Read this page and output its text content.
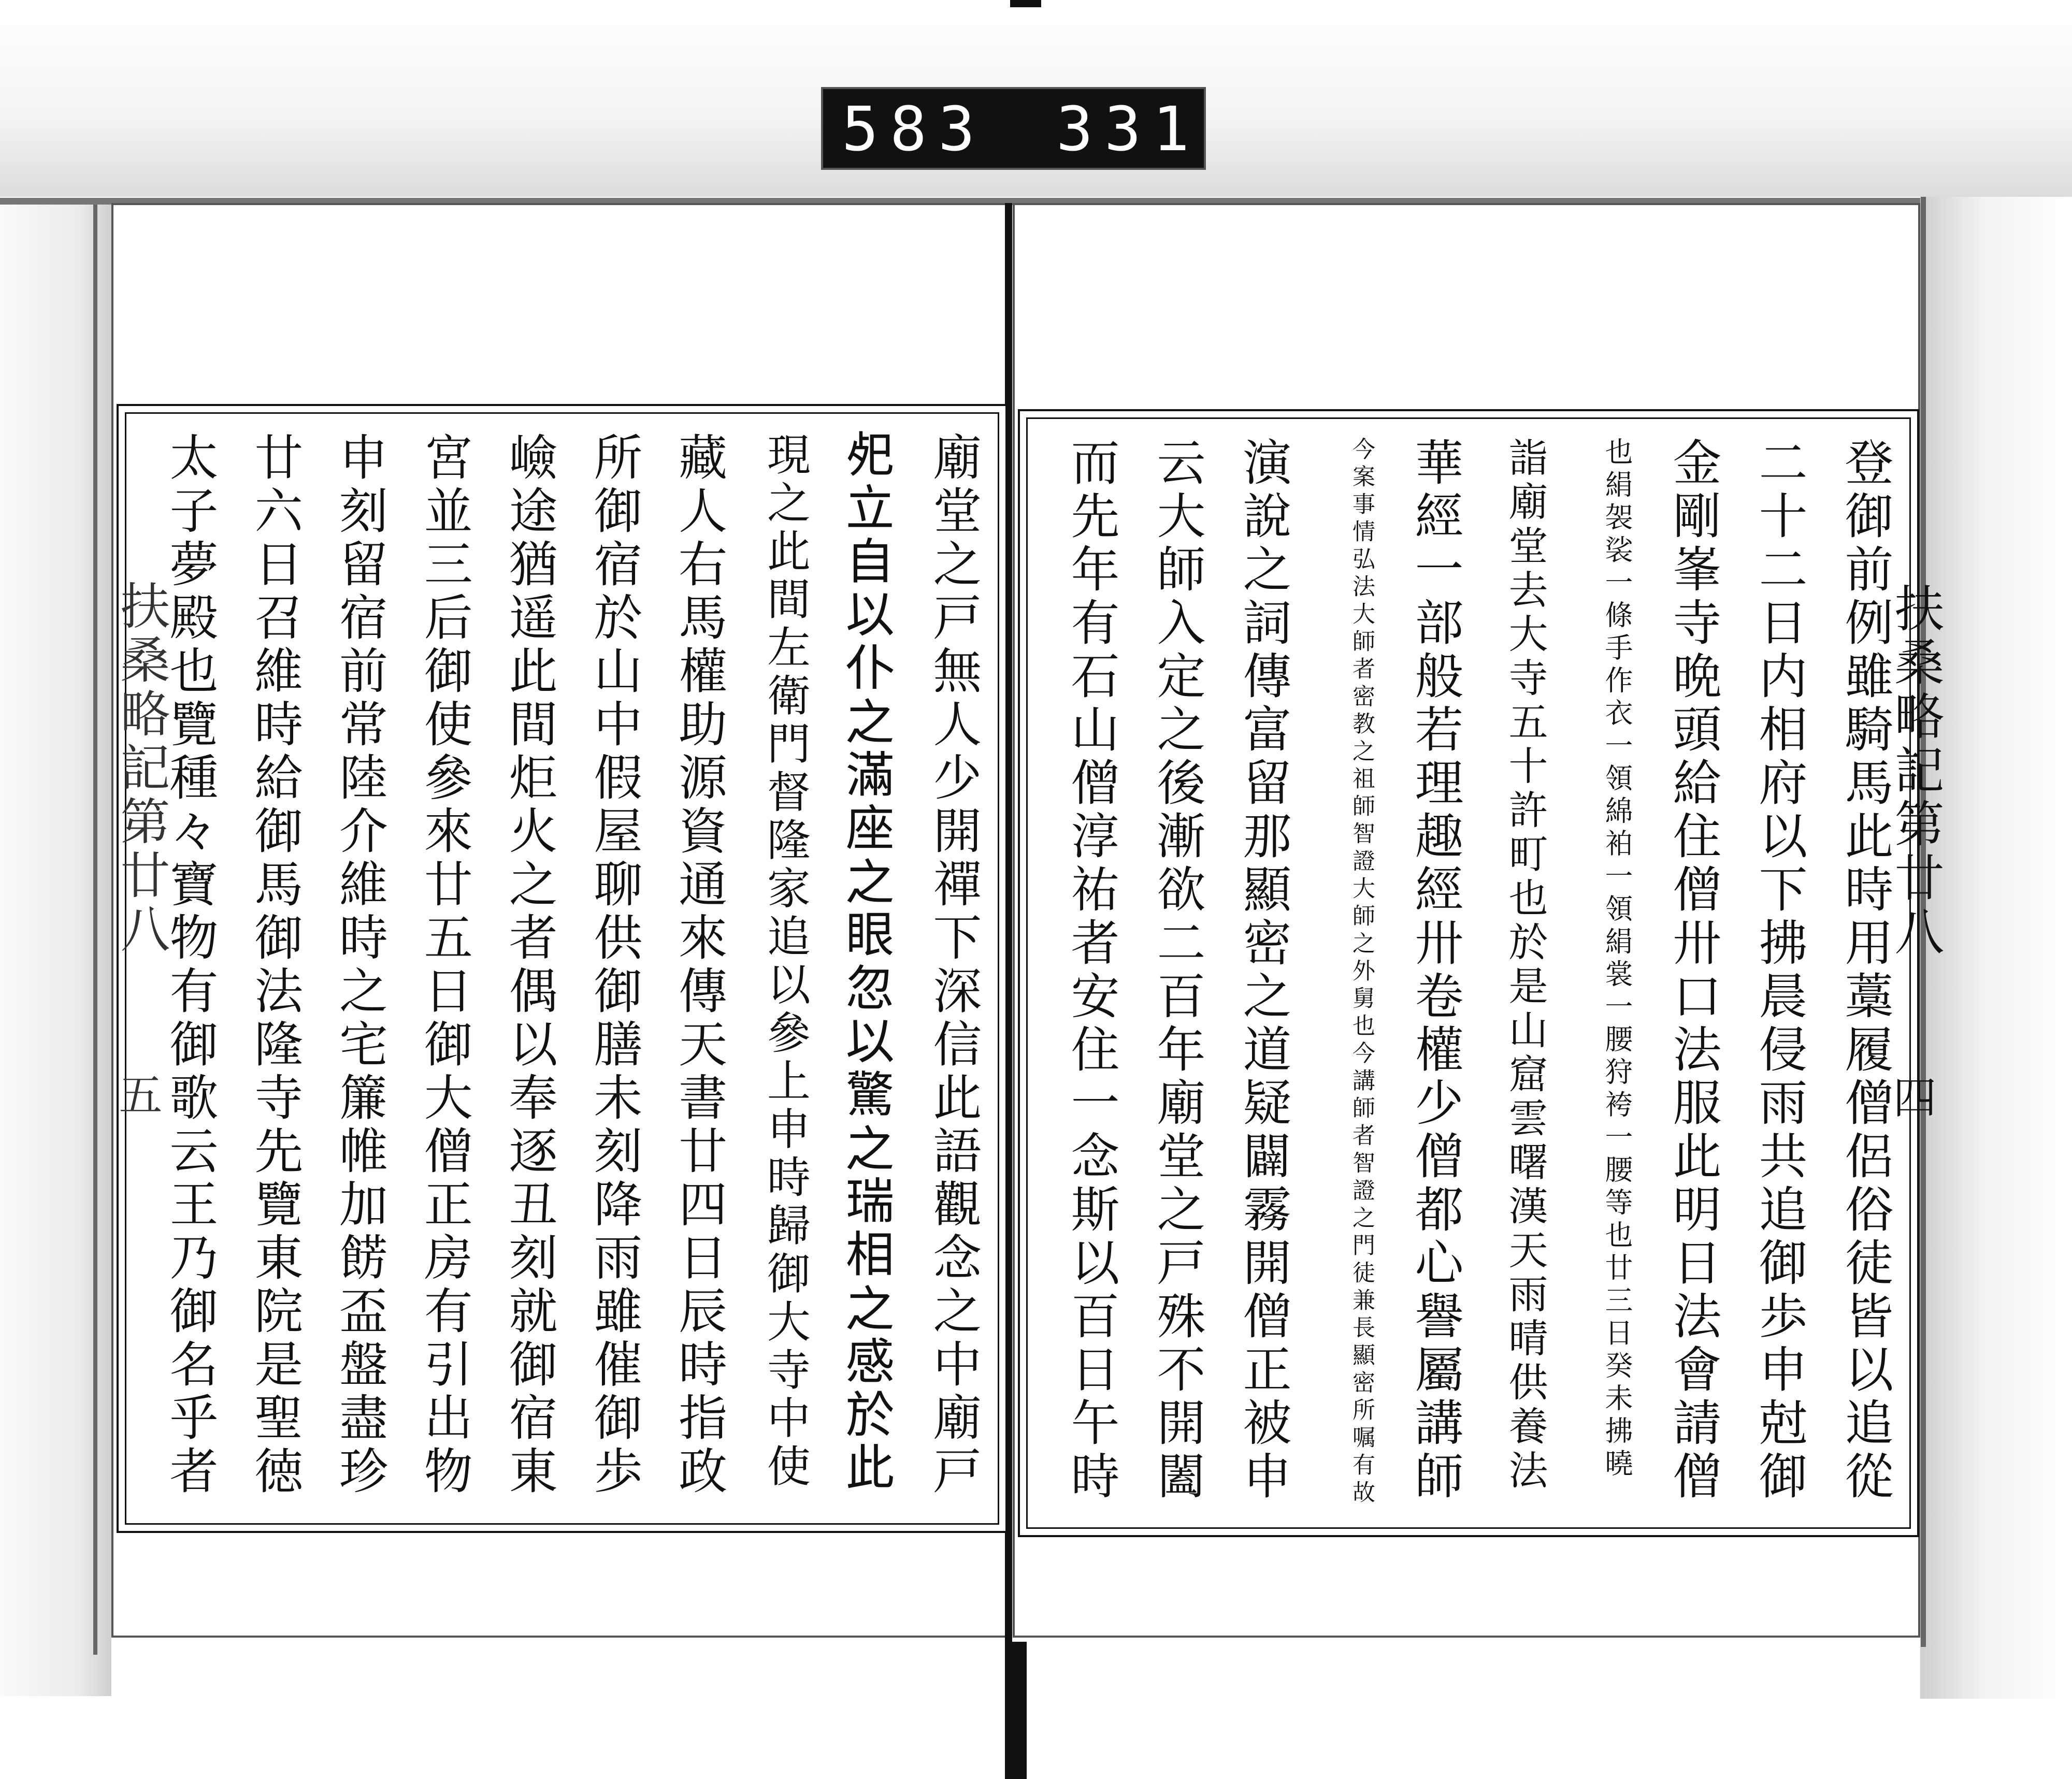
583 331
登御前例雖騎馬此時用藁履僧侶俗徒皆以追從
二十二日内相府以下拂晨侵雨共追御歩申尅御
金剛峯寺晩頭給住僧卅口法服此明日法會請僧
也絹袈裟一條手作衣一領綿袙一領絹裳一腰狩袴一腰等也廿三日癸未拂曉
詣廟堂去大寺五十許町也於是山窟雲曙漢天雨晴供養法
華經一部般若理趣經卅卷權少僧都心譽屬講師
今案事情弘法大師者密教之祖師智證大師之外舅也今講師者智證之門徒兼長顯密所嘱有故
演說之詞傳富留那顯密之道疑闢霧開僧正被申
云大師入定之後漸欲二百年廟堂之戸殊不開闔
而先年有石山僧淳祐者安住一念斯以百日午時
廟堂之戸無人少開禪下深信此語觀念之中廟戸
𢀸立自以仆之滿座之眼忽以驚之瑞相之感於此
現之此間左衛門督隆家追以參上申時歸御大寺中使
藏人右馬權助源資通來傳天書廿四日辰時指政
所御宿於山中假屋聊供御膳未刻降雨雖催御歩
嶮途猶遥此間炬火之者偶以奉逐丑刻就御宿東
宮並三后御使參來廿五日御大僧正房有引出物
申刻留宿前常陸介維時之宅簾帷加餝盃盤盡珍
廿六日召維時給御馬御法隆寺先覽東院是聖徳
太子夢殿也覽種々寶物有御歌云王乃御名乎者	扶桑略記第廿八
四
扶桑略記第廿八
五
